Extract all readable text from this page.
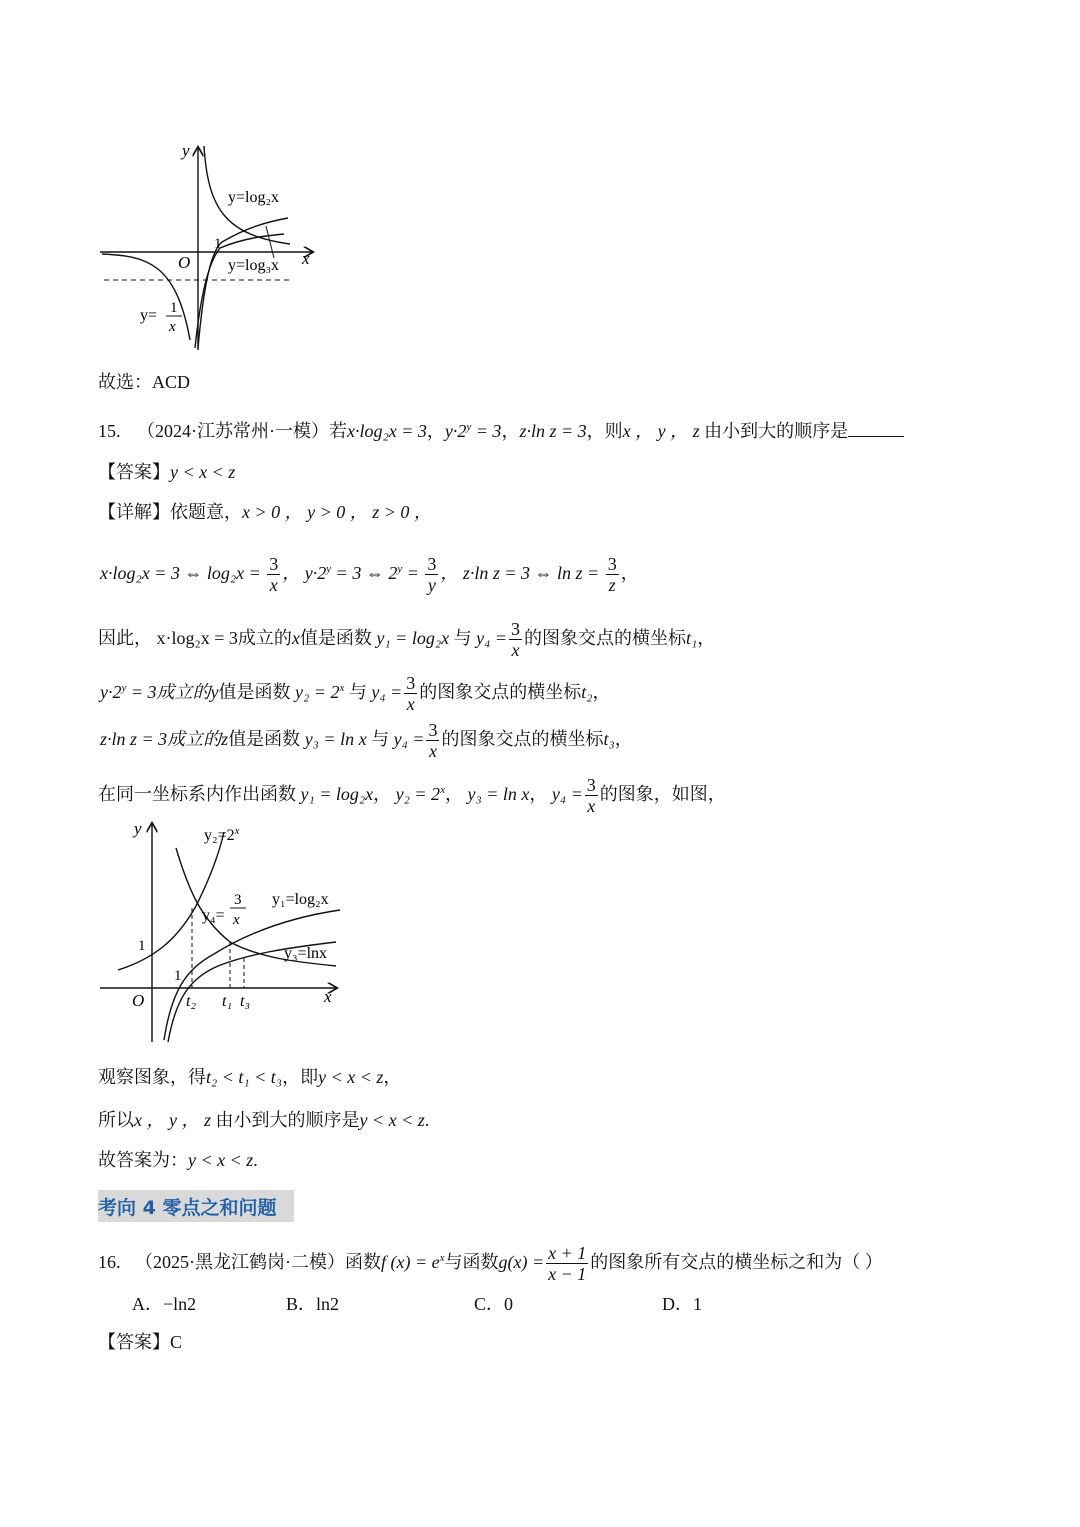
y
x
O
1
y=log₂x
y=log₃x
y= 1
x
故选：ACD
15. （2024·江苏常州·一模）若x·log₂x = 3，$y\cdot 2^y = 3$，z·ln z = 3，则x ， y ， z 由小到大的顺序是
【答案】y < x < z
【详解】依题意，x > 0 ， y > 0 ， z > 0 ，
x·log₂x = 3 ⇔ $\log_2x = \frac{3}{x}$ ， $y\cdot 2^y = 3$ ⇔ $2^y = \frac{3}{y}$ ， z·ln z = 3 ⇔ $\ln z = \frac{3}{z}$ ，
因此， x·log₂x = 3成立的x值是函数 y₁ = log₂x 与 $y_4 = \frac{3}{x}$ 的图象交点的横坐标t₁，
$y\cdot 2^y = 3$成立的y值是函数 $y_2 = 2^x$ 与 $y_4 = \frac{3}{x}$ 的图象交点的横坐标t₂，
z·ln z = 3成立的z值是函数 y₃ = ln x 与 $y_4 = \frac{3}{x}$ 的图象交点的横坐标t₃，
在同一坐标系内作出函数 y₁ = log₂x， $y_2 = 2^x$， y₃ = ln x， $y_4 = \frac{3}{x}$ 的图象，如图，
y
x
O
1
1
$y_2=2^x$
y₁=log₂x
y₃=lnx
y₄=
3
x
t₂ t₁ t₃
观察图象，得t₂ < t₁ < t₃，即y < x < z，
所以x ， y ， z 由小到大的顺序是y < x < z.
故答案为：y < x < z.
考向 4 零点之和问题
16. （2025·黑龙江鹤岗·二模）函数f $(x) = e^x$与函数$g(x) = \frac{x + 1}{x - 1}$ 的图象所有交点的横坐标之和为（ ）
A．−ln2	B．ln2	C．0	D．1
【答案】C
